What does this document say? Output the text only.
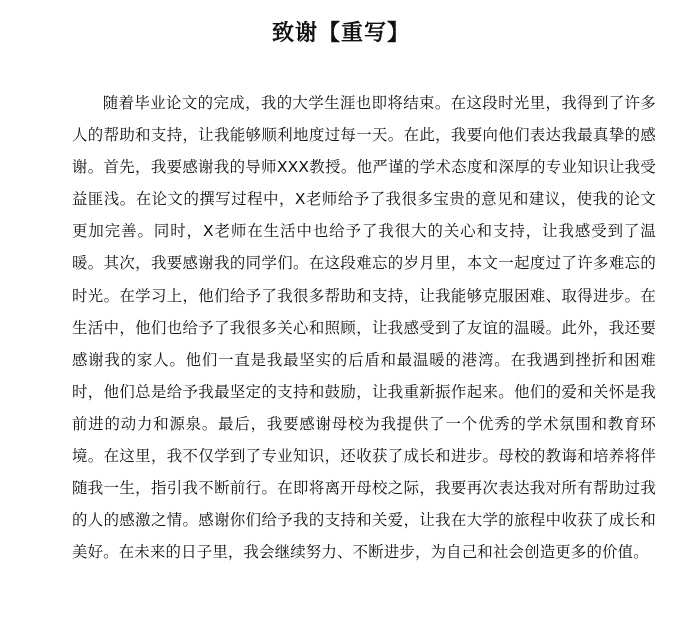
致谢【重写】

随着毕业论文的完成，我的大学生涯也即将结束。在这段时光里，我得到了许多人的帮助和支持，让我能够顺利地度过每一天。在此，我要向他们表达我最真挚的感谢。首先，我要感谢我的导师XXX教授。他严谨的学术态度和深厚的专业知识让我受益匪浅。在论文的撰写过程中，X老师给予了我很多宝贵的意见和建议，使我的论文更加完善。同时，X老师在生活中也给予了我很大的关心和支持，让我感受到了温暖。其次，我要感谢我的同学们。在这段难忘的岁月里，本文一起度过了许多难忘的时光。在学习上，他们给予了我很多帮助和支持，让我能够克服困难、取得进步。在生活中，他们也给予了我很多关心和照顾，让我感受到了友谊的温暖。此外，我还要感谢我的家人。他们一直是我最坚实的后盾和最温暖的港湾。在我遇到挫折和困难时，他们总是给予我最坚定的支持和鼓励，让我重新振作起来。他们的爱和关怀是我前进的动力和源泉。最后，我要感谢母校为我提供了一个优秀的学术氛围和教育环境。在这里，我不仅学到了专业知识，还收获了成长和进步。母校的教诲和培养将伴随我一生，指引我不断前行。在即将离开母校之际，我要再次表达我对所有帮助过我的人的感激之情。感谢你们给予我的支持和关爱，让我在大学的旅程中收获了成长和美好。在未来的日子里，我会继续努力、不断进步，为自己和社会创造更多的价值。
